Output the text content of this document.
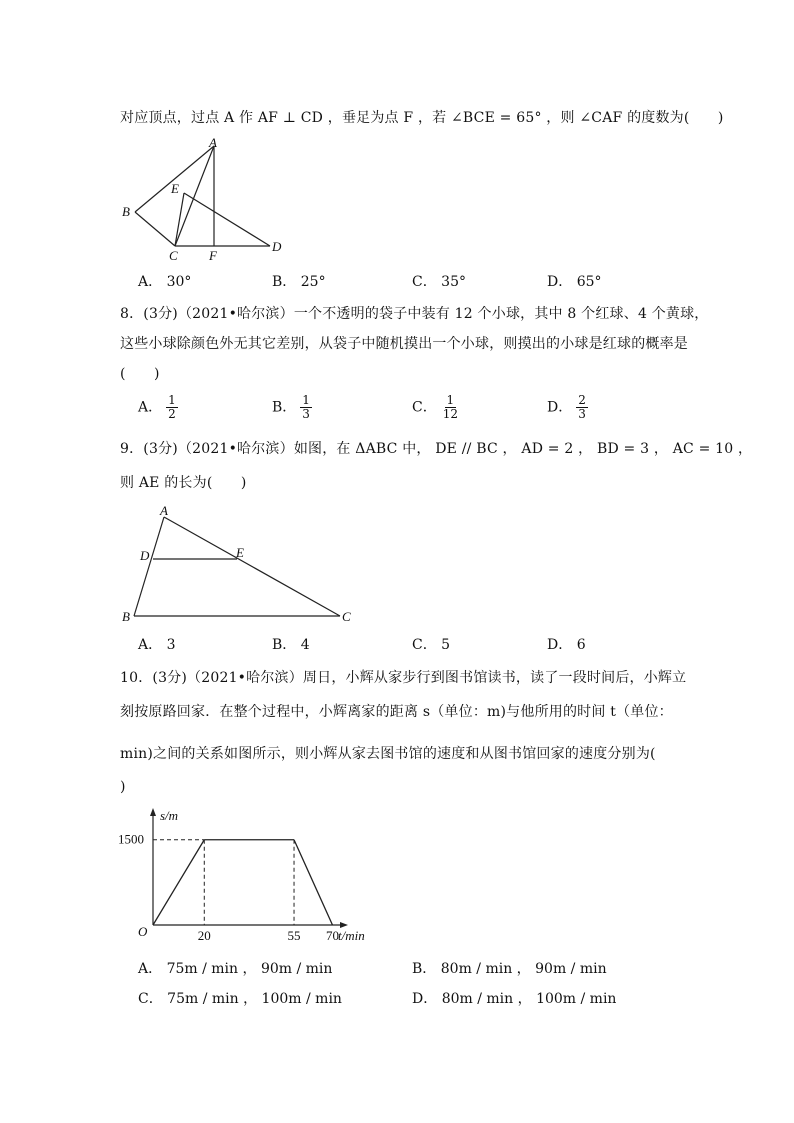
对应顶点，过点 A 作 AF ⊥ CD ，垂足为点 F ，若 ∠BCE = 65° ，则 ∠CAF 的度数为(　　)
A
B
C
D
E
F
A． 30°	B． 25°	C． 35°	D． 65°
8．(3分)（2021•哈尔滨）一个不透明的袋子中装有 12 个小球，其中 8 个红球、4 个黄球，
这些小球除颜色外无其它差别，从袋子中随机摸出一个小球，则摸出的小球是红球的概率是
(　　)
A． $\frac{1}{2}$	B． $\frac{1}{3}$	C． $\frac{1}{12}$	D． $\frac{2}{3}$
9．(3分)（2021•哈尔滨）如图，在 ΔABC 中， DE // BC ， AD = 2 ， BD = 3 ， AC = 10 ，
则 AE 的长为(　　)
A
B	C
D	E
A． 3	B． 4	C． 5	D． 6
10．(3分)（2021•哈尔滨）周日，小辉从家步行到图书馆读书，读了一段时间后，小辉立
刻按原路回家．在整个过程中，小辉离家的距离 s（单位：m)与他所用的时间 t（单位：
min)之间的关系如图所示，则小辉从家去图书馆的速度和从图书馆回家的速度分别为(
)
s/m
t/min
O
1500
20	55 70
A． 75m / min ， 90m / min	B． 80m / min ， 90m / min
C． 75m / min ， 100m / min	D． 80m / min ， 100m / min
